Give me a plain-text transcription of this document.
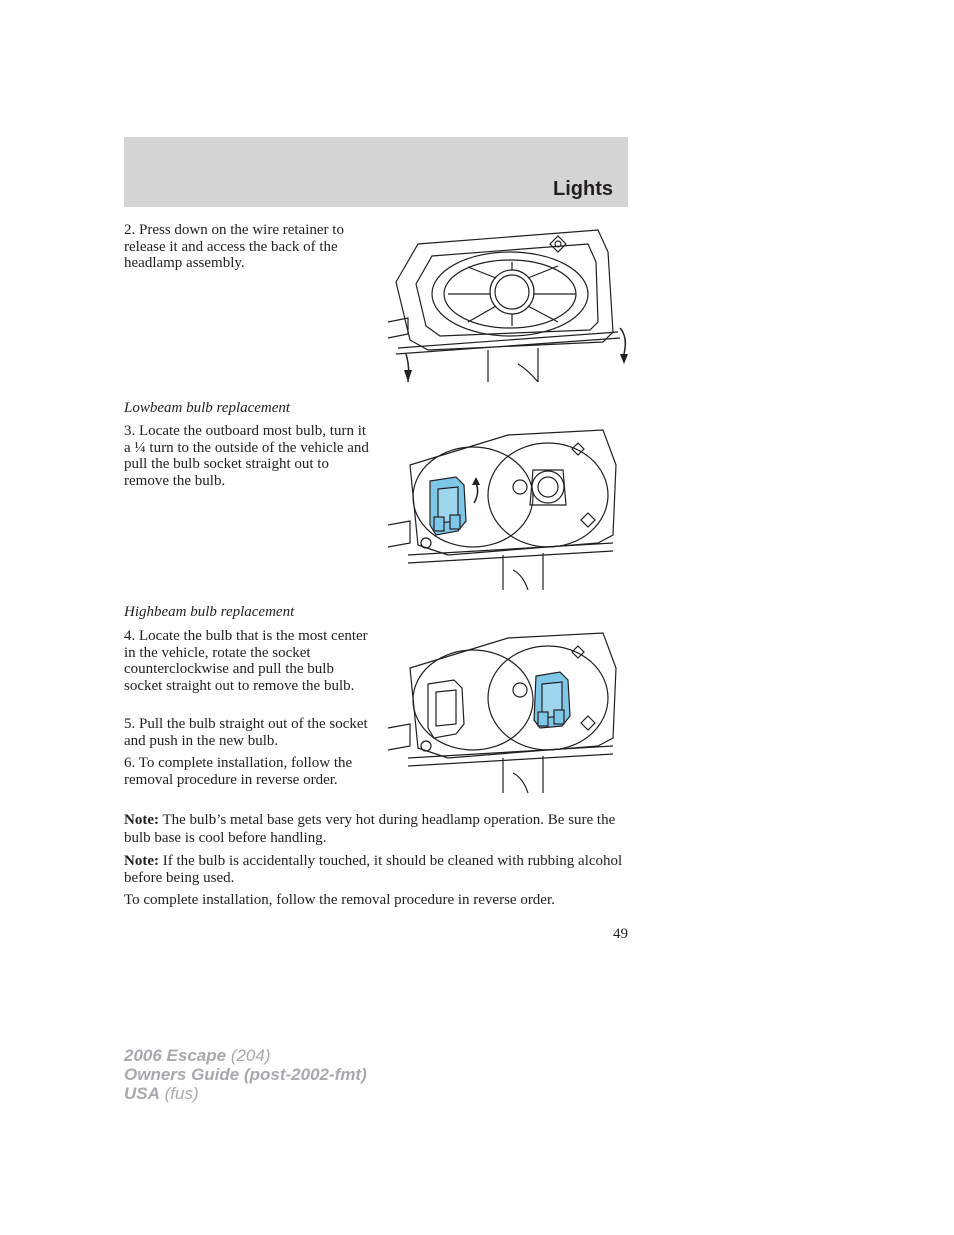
Lights

2. Press down on the wire retainer to release it and access the back of the headlamp assembly.

Lowbeam bulb replacement

3. Locate the outboard most bulb, turn it a ¼ turn to the outside of the vehicle and pull the bulb socket straight out to remove the bulb.

Highbeam bulb replacement

4. Locate the bulb that is the most center in the vehicle, rotate the socket counterclockwise and pull the bulb socket straight out to remove the bulb.

5. Pull the bulb straight out of the socket and push in the new bulb.

6. To complete installation, follow the removal procedure in reverse order.

Note: The bulb’s metal base gets very hot during headlamp operation. Be sure the bulb base is cool before handling.

Note: If the bulb is accidentally touched, it should be cleaned with rubbing alcohol before being used.

To complete installation, follow the removal procedure in reverse order.

49

2006 Escape (204)
Owners Guide (post-2002-fmt)
USA (fus)
